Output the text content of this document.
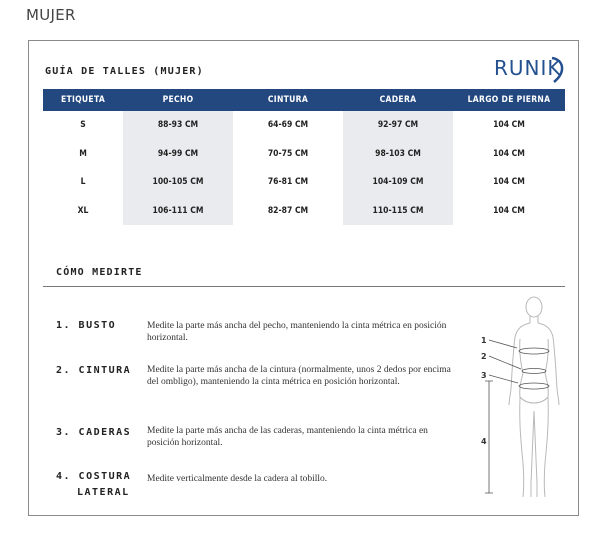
MUJER
GUÍA DE TALLES (MUJER)	RUNIK
ETIQUETA	PECHO	CINTURA	CADERA	LARGO DE PIERNA
S	88-93 CM	64-69 CM	92-97 CM	104 CM
M	94-99 CM	70-75 CM	98-103 CM	104 CM
L	100-105 CM	76-81 CM	104-109 CM	104 CM
XL	106-111 CM	82-87 CM	110-115 CM	104 CM
CÓMO MEDIRTE
1. BUSTO	Medite la parte más ancha del pecho, manteniendo la cinta métrica en posición horizontal.
2. CINTURA Medite la parte más ancha de la cintura (normalmente, unos 2 dedos por encima del ombligo), manteniendo la cinta métrica en posición horizontal.
3. CADERAS Medite la parte más ancha de las caderas, manteniendo la cinta métrica en posición horizontal.
4. COSTURA
LATERAL
Medite verticalmente desde la cadera al tobillo.
1
2
3
4
